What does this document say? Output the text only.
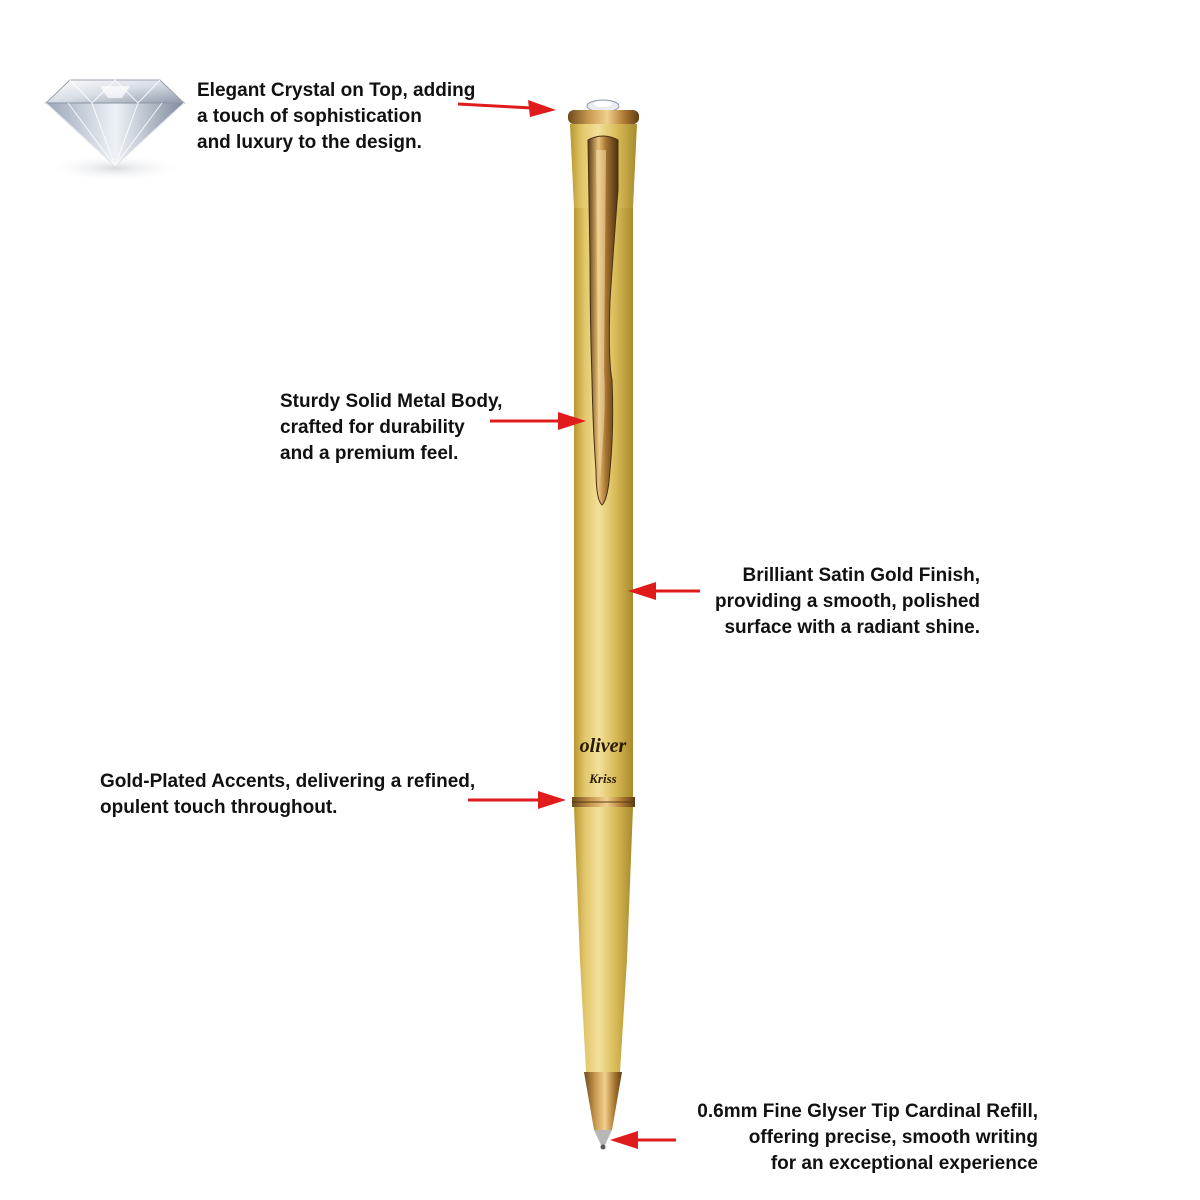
oliver
Kriss

Elegant Crystal on Top, adding
a touch of sophistication
and luxury to the design.

Sturdy Solid Metal Body,
crafted for durability
and a premium feel.

Brilliant Satin Gold Finish,
providing a smooth, polished
surface with a radiant shine.

Gold-Plated Accents, delivering a refined,
opulent touch throughout.

0.6mm Fine Glyser Tip Cardinal Refill,
offering precise, smooth writing
for an exceptional experience
